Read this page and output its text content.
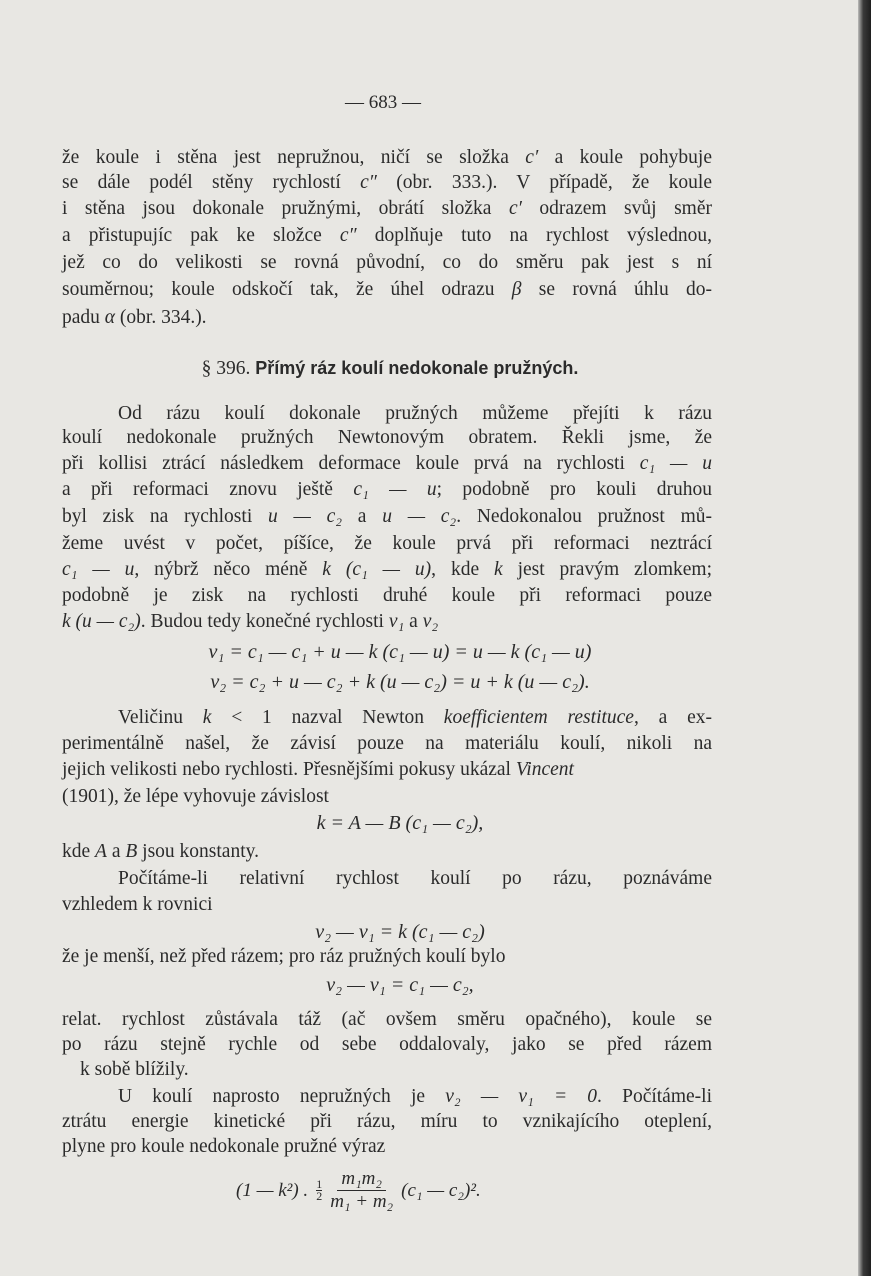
— 683 —
že koule i stěna jest nepružnou, ničí se složka c′ a koule pohybuje
se dále podél stěny rychlostí c″ (obr. 333.). V případě, že koule
i stěna jsou dokonale pružnými, obrátí složka c′ odrazem svůj směr
a přistupujíc pak ke složce c″ doplňuje tuto na rychlost výslednou,
jež co do velikosti se rovná původní, co do směru pak jest s ní
souměrnou; koule odskočí tak, že úhel odrazu β se rovná úhlu do-
padu α (obr. 334.).
§ 396. Přímý ráz koulí nedokonale pružných.
Od rázu koulí dokonale pružných můžeme přejíti k rázu
koulí nedokonale pružných Newtonovým obratem. Řekli jsme, že
při kollisi ztrácí následkem deformace koule prvá na rychlosti c₁ — u
a při reformaci znovu ještě c₁ — u; podobně pro kouli druhou
byl zisk na rychlosti u — c₂ a u — c₂. Nedokonalou pružnost mů-
žeme uvést v počet, píšíce, že koule prvá při reformaci neztrácí
c₁ — u, nýbrž něco méně k (c₁ — u), kde k jest pravým zlomkem;
podobně je zisk na rychlosti druhé koule při reformaci pouze
k (u — c₂). Budou tedy konečné rychlosti v₁ a v₂
v₁ = c₁ — c₁ + u — k (c₁ — u) = u — k (c₁ — u)
v₂ = c₂ + u — c₂ + k (u — c₂) = u + k (u — c₂).
Veličinu k < 1 nazval Newton koefficientem restituce, a ex-
perimentálně našel, že závisí pouze na materiálu koulí, nikoli na
jejich velikosti nebo rychlosti. Přesnějšími pokusy ukázal Vincent
(1901), že lépe vyhovuje závislost
k = A — B (c₁ — c₂),
kde A a B jsou konstanty.
Počítáme-li relativní rychlost koulí po rázu, poznáváme
vzhledem k rovnici
v₂ — v₁ = k (c₁ — c₂)
že je menší, než před rázem; pro ráz pružných koulí bylo
v₂ — v₁ = c₁ — c₂,
relat. rychlost zůstávala táž (ač ovšem směru opačného), koule se
po rázu stejně rychle od sebe oddalovaly, jako se před rázem
k sobě blížily.
U koulí naprosto nepružných je v₂ — v₁ = 0. Počítáme-li
ztrátu energie kinetické při rázu, míru to vznikajícího oteplení,
plyne pro koule nedokonale pružné výraz
(1 — k²) . $\frac{1}{2} \frac{\text{m₁m₂}}{\text{m₁ + m₂}} (c_1$ — c₂)².
